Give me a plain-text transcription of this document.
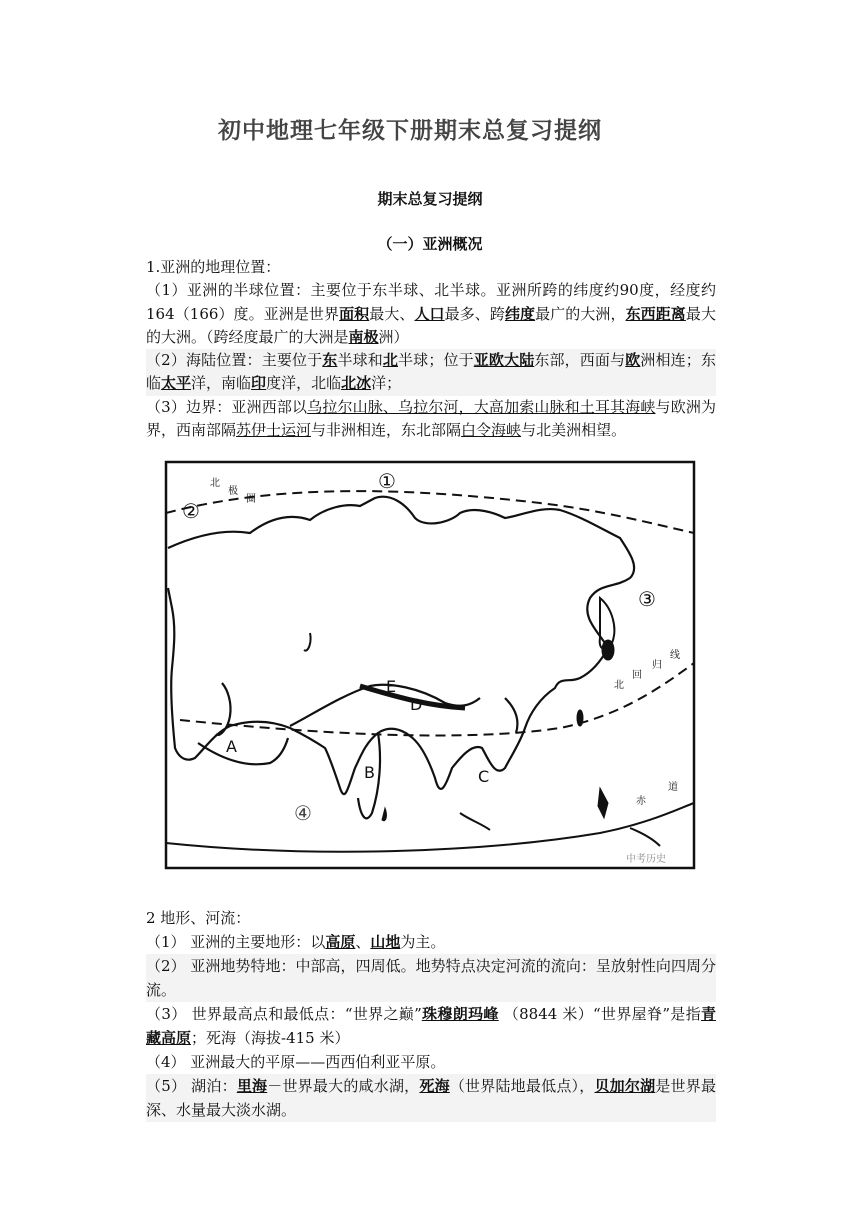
初中地理七年级下册期末总复习提纲
期末总复习提纲
（一）亚洲概况

1.亚洲的地理位置：

（1）亚洲的半球位置：主要位于东半球、北半球。亚洲所跨的纬度约90度，经度约164（166）度。亚洲是世界面积最大、人口最多、跨纬度最广的大洲，东西距离最大的大洲。（跨经度最广的大洲是南极洲）

（2）海陆位置：主要位于东半球和北半球；位于亚欧大陆东部，西面与欧洲相连；东临太平洋，南临印度洋，北临北冰洋；

（3）边界：亚洲西部以乌拉尔山脉、乌拉尔河，大高加索山脉和土耳其海峡与欧洲为界，西南部隔苏伊士运河与非洲相连，东北部隔白令海峡与北美洲相望。

①
②
③
④
A
B	C
D
E
北
极
圈
北
回
归
线
赤
道
中考历史

2 地形、河流：

（1） 亚洲的主要地形：以高原、山地为主。

（2） 亚洲地势特地：中部高，四周低。地势特点决定河流的流向：呈放射性向四周分流。

（3） 世界最高点和最低点：“世界之巅”珠穆朗玛峰 （8844 米）“世界屋脊”是指青藏高原；死海（海拔-415 米）

（4） 亚洲最大的平原——西西伯利亚平原。

（5） 湖泊：里海－世界最大的咸水湖，死海（世界陆地最低点），贝加尔湖是世界最深、水量最大淡水湖。
